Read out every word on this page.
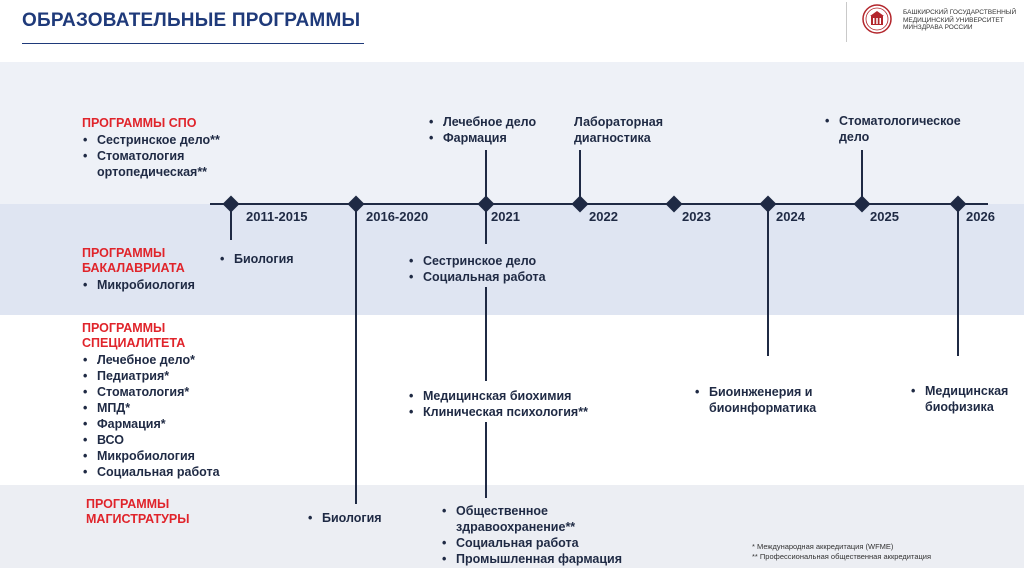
ОБРАЗОВАТЕЛЬНЫЕ ПРОГРАММЫ	БАШКИРСКИЙ ГОСУДАРСТВЕННЫЙ
МЕДИЦИНСКИЙ УНИВЕРСИТЕТ
МИНЗДРАВА РОССИИ
2011-2015	2016-2020	2021	2022	2023	2024	2025	2026
ПРОГРАММЫ СПО
• Сестринское дело**
• Стоматология ортопедическая**
ПРОГРАММЫ
БАКАЛАВРИАТА
• Микробиология
ПРОГРАММЫ
СПЕЦИАЛИТЕТА
• Лечебное дело*
• Педиатрия*
• Стоматология*
• МПД*
• Фармация*
• ВСО
• Микробиология
• Социальная работа
ПРОГРАММЫ
МАГИСТРАТУРЫ
• Лечебное дело
• Фармация
Лабораторная
диагностика
• Стоматологическое
дело
• Биология	• Сестринское дело
• Социальная работа
• Медицинская биохимия
• Клиническая психология**
• Биоинженерия и
биоинформатика
• Медицинская
биофизика
• Биология	• Общественное
здравоохранение**
• Социальная работа
• Промышленная фармация
* Международная аккредитация (WFME)
** Профессиональная общественная аккредитация
